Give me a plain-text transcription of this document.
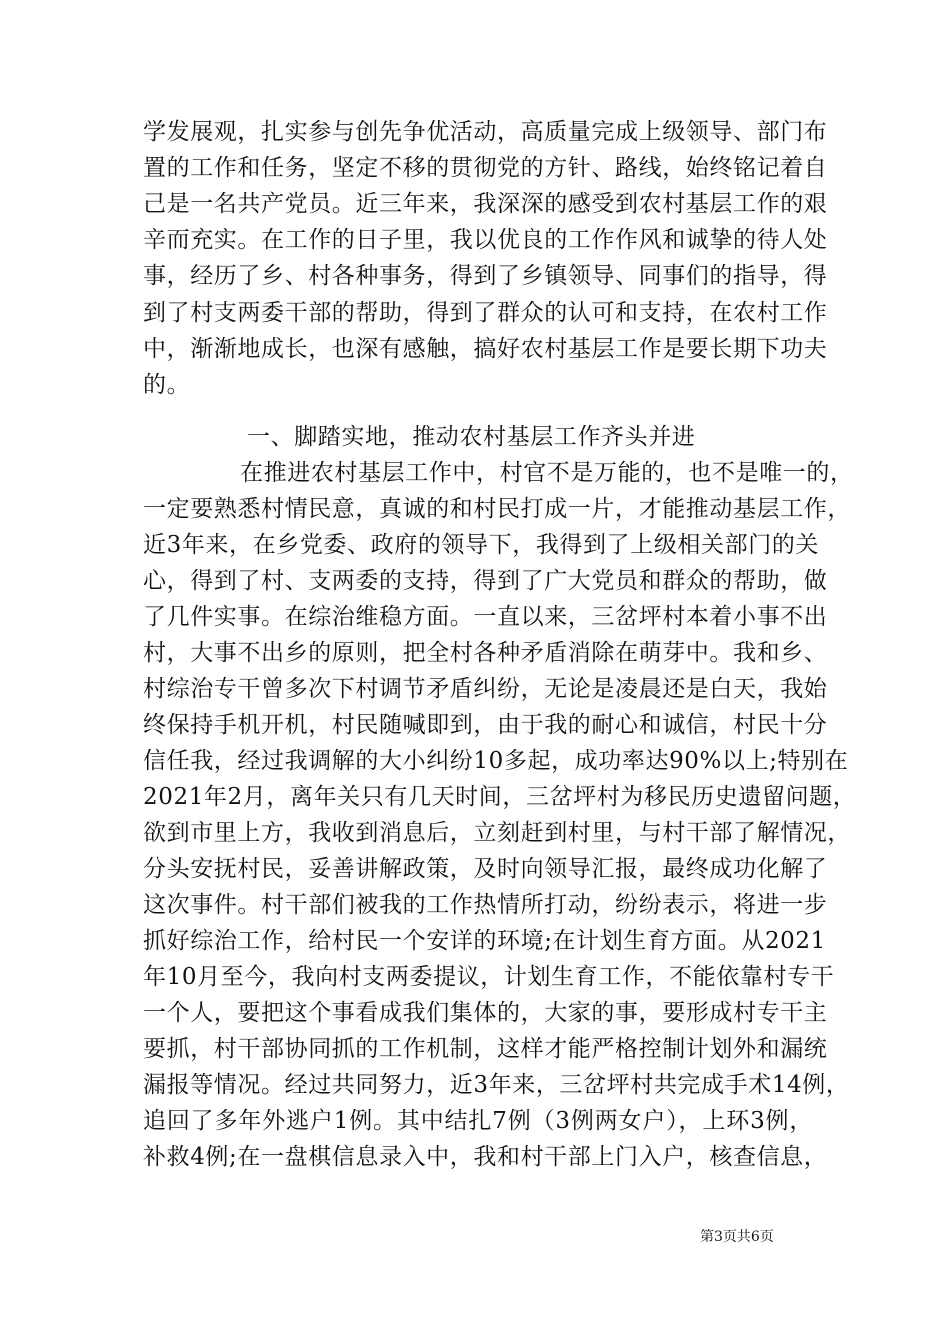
学发展观，扎实参与创先争优活动，高质量完成上级领导、部门布
置的工作和任务，坚定不移的贯彻党的方针、路线，始终铭记着自
己是一名共产党员。近三年来，我深深的感受到农村基层工作的艰
辛而充实。在工作的日子里，我以优良的工作作风和诚挚的待人处
事，经历了乡、村各种事务，得到了乡镇领导、同事们的指导，得
到了村支两委干部的帮助，得到了群众的认可和支持，在农村工作
中，渐渐地成长，也深有感触，搞好农村基层工作是要长期下功夫
的。
一、脚踏实地，推动农村基层工作齐头并进
在推进农村基层工作中，村官不是万能的，也不是唯一的，
一定要熟悉村情民意，真诚的和村民打成一片，才能推动基层工作，
近3年来，在乡党委、政府的领导下，我得到了上级相关部门的关
心，得到了村、支两委的支持，得到了广大党员和群众的帮助，做
了几件实事。在综治维稳方面。一直以来，三岔坪村本着小事不出
村，大事不出乡的原则，把全村各种矛盾消除在萌芽中。我和乡、
村综治专干曾多次下村调节矛盾纠纷，无论是凌晨还是白天，我始
终保持手机开机，村民随喊即到，由于我的耐心和诚信，村民十分
信任我，经过我调解的大小纠纷10多起，成功率达90%以上;特别在
2021年2月，离年关只有几天时间，三岔坪村为移民历史遗留问题，
欲到市里上方，我收到消息后，立刻赶到村里，与村干部了解情况，
分头安抚村民，妥善讲解政策，及时向领导汇报，最终成功化解了
这次事件。村干部们被我的工作热情所打动，纷纷表示，将进一步
抓好综治工作，给村民一个安详的环境;在计划生育方面。从2021
年10月至今，我向村支两委提议，计划生育工作，不能依靠村专干
一个人，要把这个事看成我们集体的，大家的事，要形成村专干主
要抓，村干部协同抓的工作机制，这样才能严格控制计划外和漏统
漏报等情况。经过共同努力，近3年来，三岔坪村共完成手术14例，
追回了多年外逃户1例。其中结扎7例（3例两女户），上环3例，
补救4例;在一盘棋信息录入中，我和村干部上门入户，核查信息，
第3页共6页
